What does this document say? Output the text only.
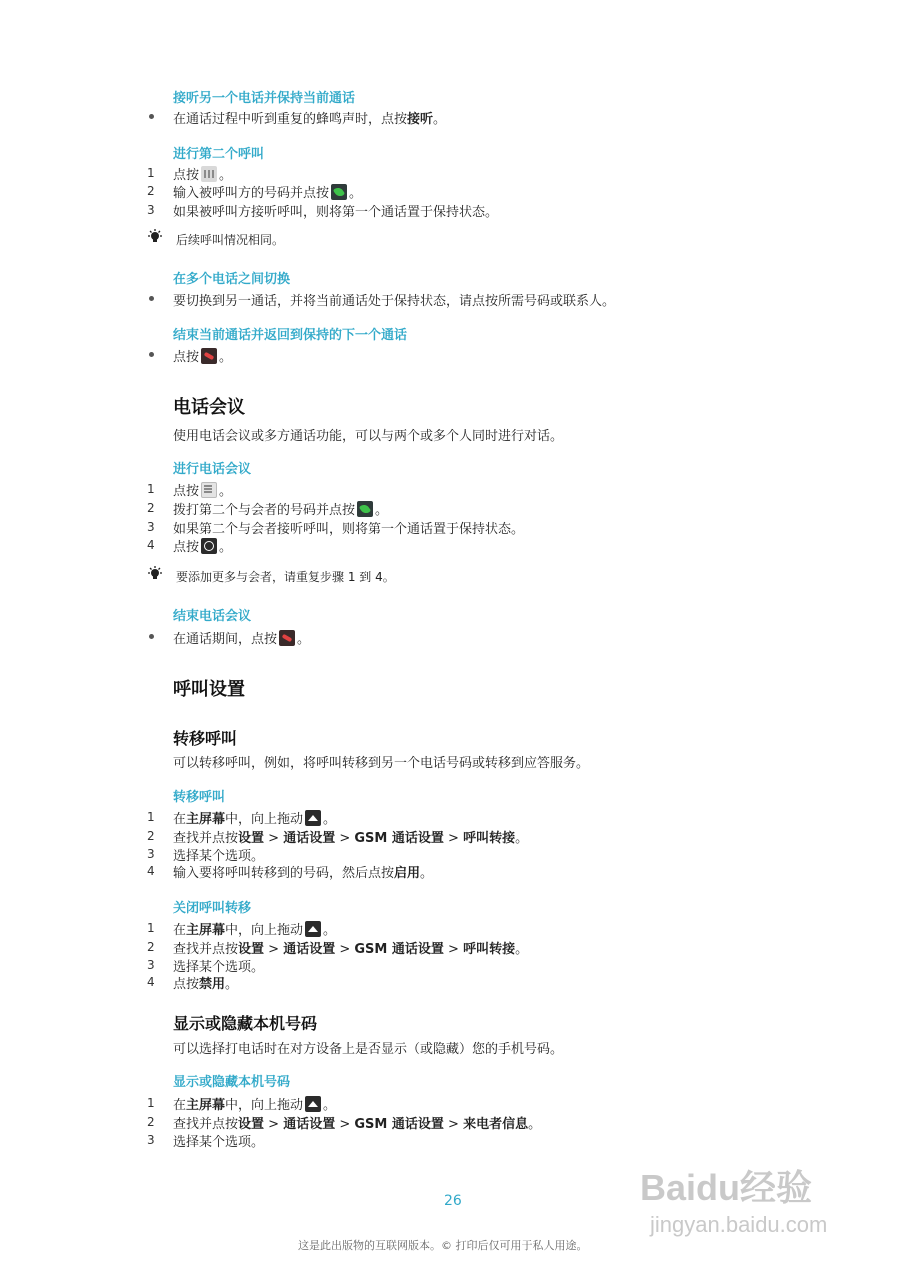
接听另一个电话并保持当前通话
在通话过程中听到重复的蜂鸣声时，点按接听。
进行第二个呼叫
1 点按 。
2 输入被呼叫方的号码并点按 。
3 如果被呼叫方接听呼叫，则将第一个通话置于保持状态。
后续呼叫情况相同。
在多个电话之间切换
要切换到另一通话，并将当前通话处于保持状态，请点按所需号码或联系人。
结束当前通话并返回到保持的下一个通话
点按 。
电话会议
使用电话会议或多方通话功能，可以与两个或多个人同时进行对话。
进行电话会议
1 点按 。
2 拨打第二个与会者的号码并点按 。
3 如果第二个与会者接听呼叫，则将第一个通话置于保持状态。
4 点按 。
要添加更多与会者，请重复步骤 1 到 4。
结束电话会议
在通话期间，点按 。
呼叫设置
转移呼叫
可以转移呼叫，例如，将呼叫转移到另一个电话号码或转移到应答服务。
转移呼叫
1 在主屏幕中，向上拖动 。
2 查找并点按设置 > 通话设置 > GSM 通话设置 > 呼叫转接。
3 选择某个选项。
4 输入要将呼叫转移到的号码，然后点按启用。
关闭呼叫转移
1 在主屏幕中，向上拖动 。
2 查找并点按设置 > 通话设置 > GSM 通话设置 > 呼叫转接。
3 选择某个选项。
4 点按禁用。
显示或隐藏本机号码
可以选择打电话时在对方设备上是否显示（或隐藏）您的手机号码。
显示或隐藏本机号码
1 在主屏幕中，向上拖动 。
2 查找并点按设置 > 通话设置 > GSM 通话设置 > 来电者信息。
3 选择某个选项。
26	Baidu经验
jingyan.baidu.com
这是此出版物的互联网版本。© 打印后仅可用于私人用途。
